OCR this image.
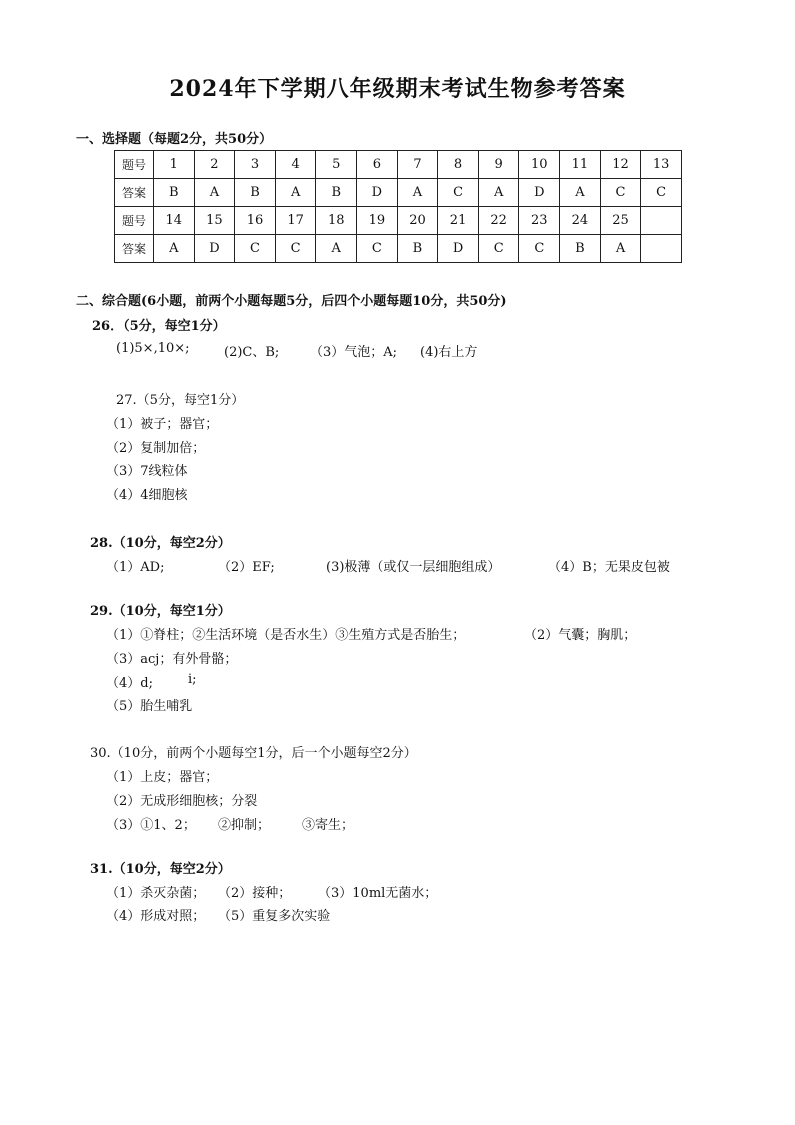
2024年下学期八年级期末考试生物参考答案
一、选择题（每题2分，共50分）
题号	1	2	3	4	5	6	7	8	9	10	11	12	13
答案	B	A	B	A	B	D	A	C	A	D	A	C	C
题号	14	15	16	17	18	19	20	21	22	23	24	25	
答案	A	D	C	C	A	C	B	D	C	C	B	A	
二、综合题(6小题，前两个小题每题5分，后四个小题每题10分，共50分)
26．（5分，每空1分）
(1)5×,10×;	(2)C、B; （3）气泡；A; (4)右上方
27.（5分，每空1分）
（1）被子；器官；
（2）复制加倍；
（3）7线粒体
（4）4细胞核
28.（10分，每空2分）
（1）AD;	（2）EF;	(3)极薄（或仅一层细胞组成）	（4）B；无果皮包被
29.（10分，每空1分）
（1）①脊柱；②生活环境（是否水生）③生殖方式是否胎生；	（2）气囊；胸肌；
（3）acj；有外骨骼；
（4）d;	i;
（5）胎生哺乳
30.（10分，前两个小题每空1分，后一个小题每空2分）
（1）上皮；器官；
（2）无成形细胞核；分裂
（3）①1、2； ②抑制； ③寄生；
31.（10分，每空2分）
（1）杀灭杂菌； （2）接种； （3）10ml无菌水；
（4）形成对照； （5）重复多次实验
